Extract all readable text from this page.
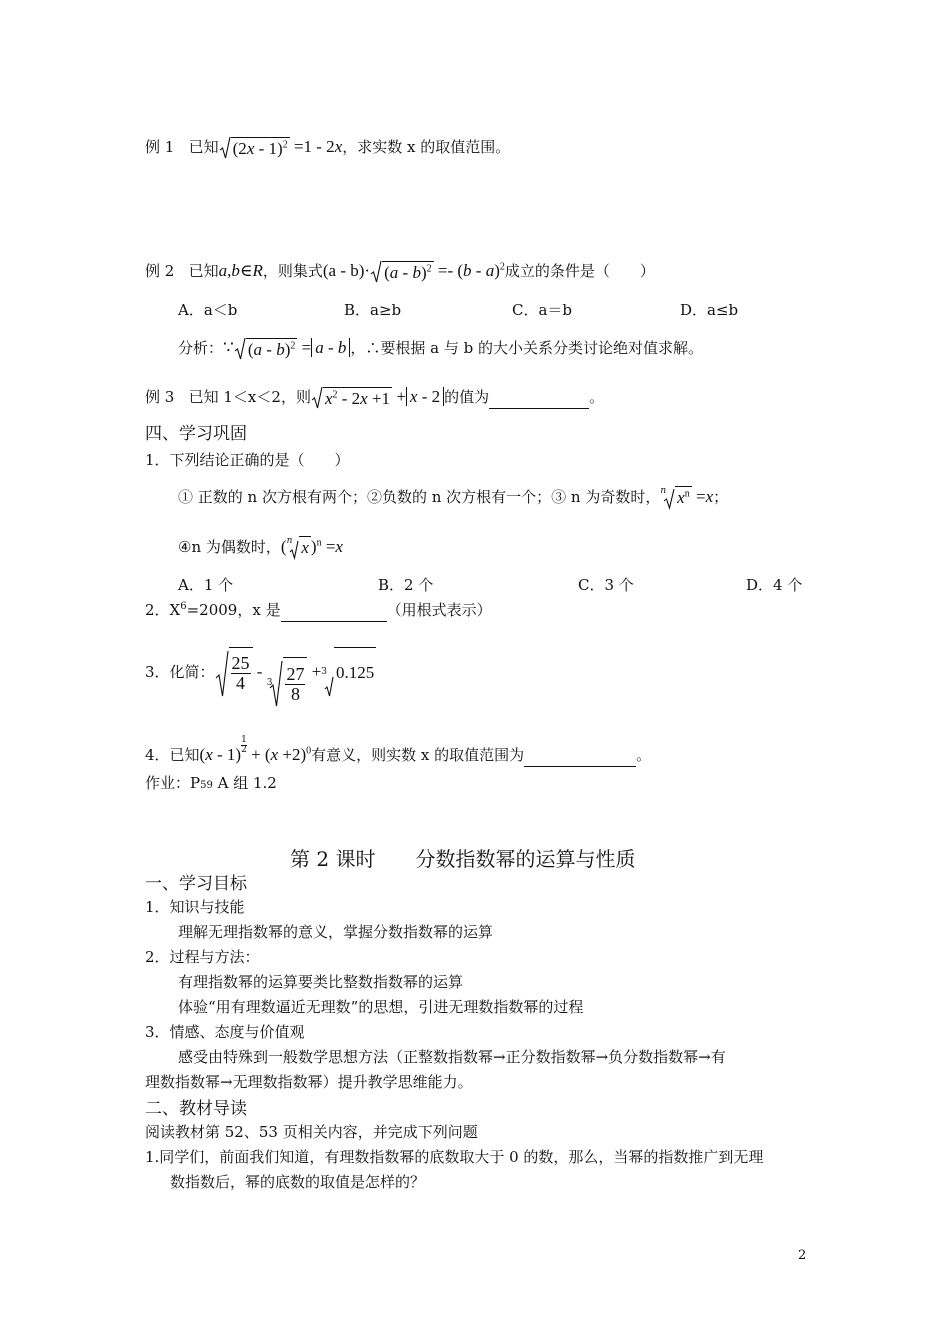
例 1 已知 (2x - 1)$^2$ =1 - 2x，求实数 x 的取值范围。
例 2 已知a,b∈R，则集式(a - b)· (a - b)$^2$ =- (b - a)$^2$成立的条件是（　　）
A．a＜b	B．a≥b	C．a＝b	D．a≤b
分析：∵ (a - b)$^2$ = a - b ，∴要根据 a 与 b 的大小关系分类讨论绝对值求解。
例 3 已知 1＜x＜2，则 $x^2 - 2x +1 + x - 2$ 的值为	。
四、学习巩固
1．下列结论正确的是（　　）
① 正数的 n 次方根有两个；②负数的 n 次方根有一个；③ n 为奇数时， n $x^n =x$；
④n 为偶数时，( n x )$^n$ =x
A．1 个	B．2 个	C．3 个	D．4 个
2．$X^6=2009$，x 是	（用根式表示）
3．化简： $\frac{25}{4}$ -
$3 \frac{27}{8} + 3$ 0.125
4．已知$(x - 1) \frac{1}{2} + (x +2)^0$有意义，则实数 x 的取值范围为	。
作业：P59 A 组 1.2
第 2 课时　　分数指数幂的运算与性质
一、学习目标
1．知识与技能
理解无理指数幂的意义，掌握分数指数幂的运算
2．过程与方法：
有理指数幂的运算要类比整数指数幂的运算
体验“用有理数逼近无理数”的思想，引进无理数指数幂的过程
3．情感、态度与价值观
感受由特殊到一般数学思想方法（正整数指数幂→正分数指数幂→负分数指数幂→有
理数指数幂→无理数指数幂）提升教学思维能力。
二、教材导读
阅读教材第 52、53 页相关内容，并完成下列问题
1.同学们，前面我们知道，有理数指数幂的底数取大于 0 的数，那么，当幂的指数推广到无理
数指数后，幂的底数的取值是怎样的？
2
